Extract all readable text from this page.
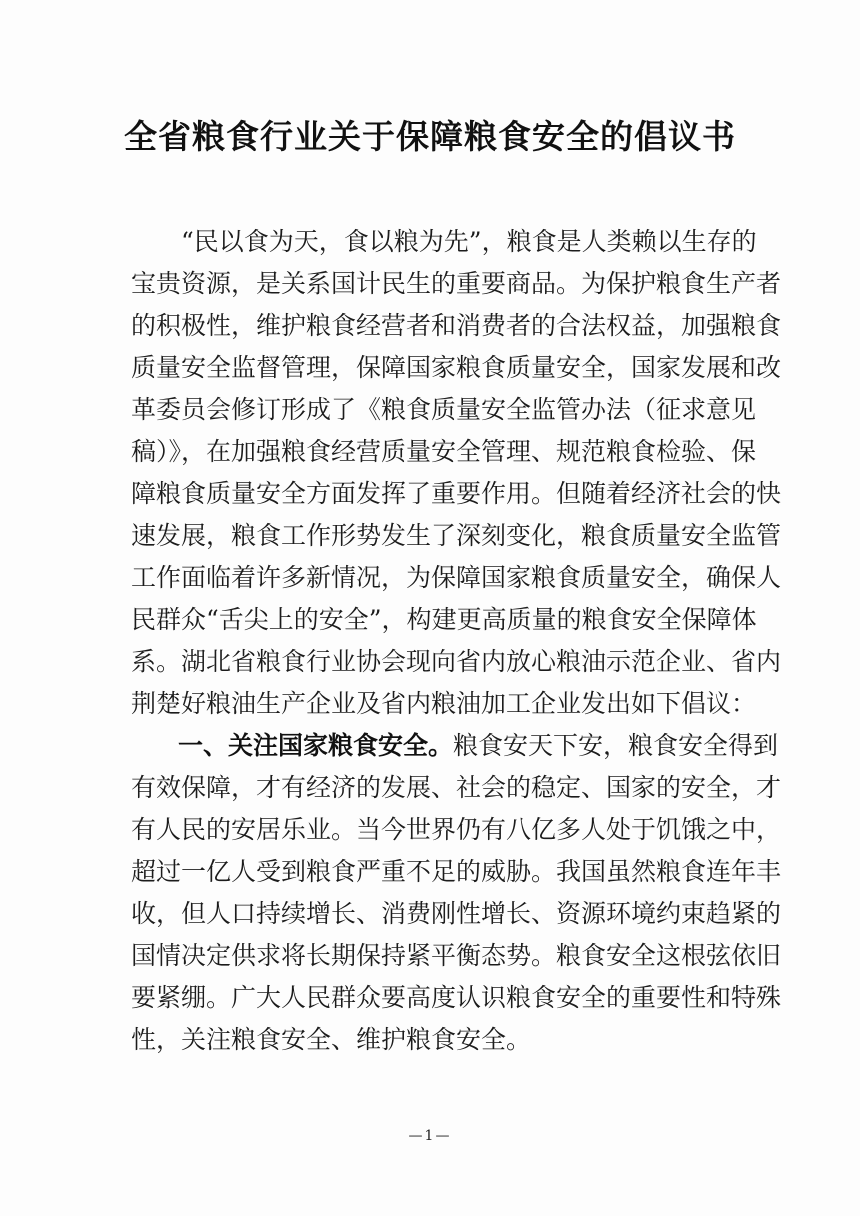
全省粮食行业关于保障粮食安全的倡议书
“民以食为天，食以粮为先”，粮食是人类赖以生存的
宝贵资源，是关系国计民生的重要商品。为保护粮食生产者
的积极性，维护粮食经营者和消费者的合法权益，加强粮食
质量安全监督管理，保障国家粮食质量安全，国家发展和改
革委员会修订形成了《粮食质量安全监管办法（征求意见
稿）》，在加强粮食经营质量安全管理、规范粮食检验、保
障粮食质量安全方面发挥了重要作用。但随着经济社会的快
速发展，粮食工作形势发生了深刻变化，粮食质量安全监管
工作面临着许多新情况，为保障国家粮食质量安全，确保人
民群众“舌尖上的安全”，构建更高质量的粮食安全保障体
系。湖北省粮食行业协会现向省内放心粮油示范企业、省内
荆楚好粮油生产企业及省内粮油加工企业发出如下倡议：
一、关注国家粮食安全。粮食安天下安，粮食安全得到
有效保障，才有经济的发展、社会的稳定、国家的安全，才
有人民的安居乐业。当今世界仍有八亿多人处于饥饿之中，
超过一亿人受到粮食严重不足的威胁。我国虽然粮食连年丰
收，但人口持续增长、消费刚性增长、资源环境约束趋紧的
国情决定供求将长期保持紧平衡态势。粮食安全这根弦依旧
要紧绷。广大人民群众要高度认识粮食安全的重要性和特殊
性，关注粮食安全、维护粮食安全。
—1—
